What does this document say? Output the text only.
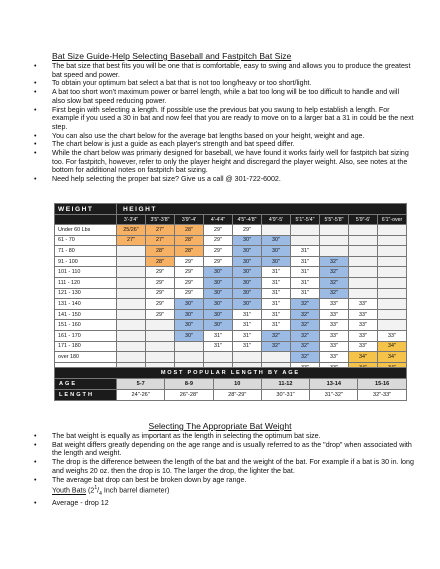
Bat Size Guide-Help Selecting Baseball and Fastpitch Bat Size
• The bat size that best fits you will be one that is comfortable, easy to swing and allows you to produce the greatest bat speed and power.
• To obtain your optimum bat select a bat that is not too long/heavy or too short/light.
• A bat too short won't maximum power or barrel length, while a bat too long will be too difficult to handle and will also slow bat speed reducing power.
• First begin with selecting a length. If possible use the previous bat you swung to help establish a length. For example if you used a 30 in bat and now feel that you are ready to move on to a larger bat a 31 in could be the next step.
• You can also use the chart below for the average bat lengths based on your height, weight and age.
• The chart below is just a guide as each player's strength and bat speed differ.
• While the chart below was primariy designed for baseball, we have found it works fairly well for fastpitch bat sizing too. For fastpitch, however, refer to only the player height and discregard the player weight. Also, see notes at the bottom for additional notes on fastpitch bat sizing.
• Need help selecting the proper bat size? Give us a call @ 301-722-6002.
WEIGHT	HEIGHT									
	3'-3'4"	3'5"-3'8"	3'9"-4'	4'-4'4"	4'5"-4'8"	4'9"-5'	5'1"-5'4"	5'5"-5'8"	5'9"-6'	6'1"-over
Under 60 Lbs	25/26"	27"	28"	29"	29"					
61 - 70	27"	27"	28"	29"	30"	30"				
71 - 80		28"	28"	29"	30"	30"	31"			
91 - 100		28"	29"	29"	30"	30"	31"	32"		
101 - 110		29"	29"	30"	30"	31"	31"	32"		
111 - 120		29"	29"	30"	30"	31"	31"	32"		
121 - 130		29"	29"	30"	30"	31"	31"	32"		
131 - 140		29"	30"	30"	30"	31"	32"	33"	33"	
141 - 150		29"	30"	30"	31"	31"	32"	33"	33"	
151 - 160			30"	30"	31"	31"	32"	33"	33"	
161 - 170			30"	31"	31"	32"	32"	33"	33"	33"
171 - 180				31"	31"	32"	32"	33"	33"	34"
over 180							32"	33"	34"	34"

MOST POPULAR LENGTH BY AGE						
AGE	5-7	8-9	10	11-12	13-14	15-16
LENGTH	24"-26"	26"-28"	28"-29"	30"-31"	31"-32"	32"-33"
Selecting The Appropriate Bat Weight
• The bat weight is equally as important as the length in selecting the optimum bat size.
• Bat weight differs greatly depending on the age range and is usually referred to as the "drop" when associated with the length and weight.
• The drop is the difference between the length of the bat and the weight of the bat. For example if a bat is 30 in. long and weighs 20 oz. then the drop is 10. The larger the drop, the lighter the bat.
• The average bat drop can best be broken down by age range.
Youth Bats ($2^1/_4$ Inch barrel diameter)
• Average - drop 12
